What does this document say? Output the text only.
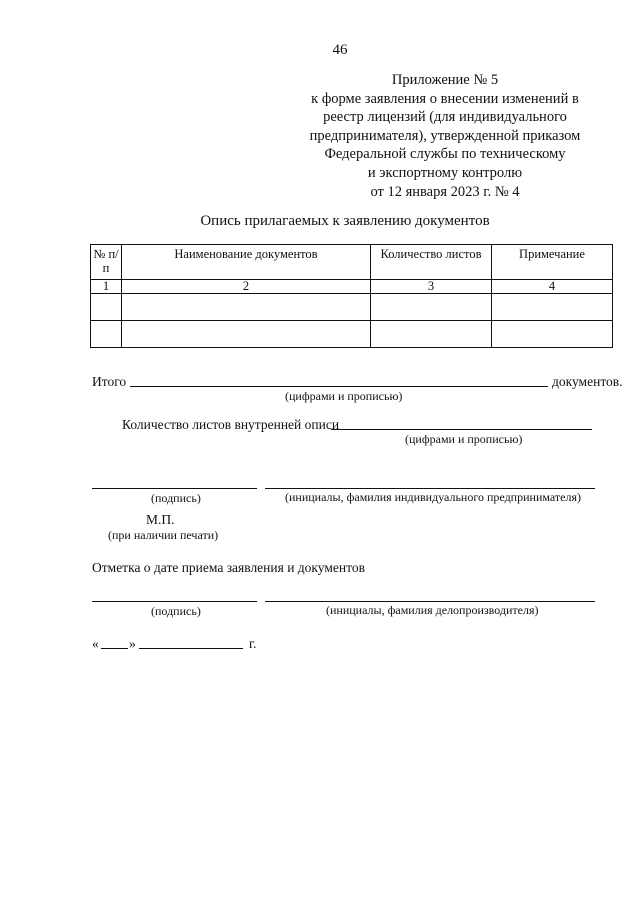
46
Приложение № 5
к форме заявления о внесении изменений в
реестр лицензий (для индивидуального
предпринимателя), утвержденной приказом
Федеральной службы по техническому
и экспортному контролю
от 12 января 2023 г. № 4
Опись прилагаемых к заявлению документов
№ п/п	Наименование документов	Количество листов	Примечание
1	2	3	4

Итого	документов.
(цифрами и прописью)
Количество листов внутренней описи
(цифрами и прописью)
(подпись)	(инициалы, фамилия индивидуального предпринимателя)
М.П.
(при наличии печати)
Отметка о дате приема заявления и документов
(подпись)	(инициалы, фамилия делопроизводителя)
« »	г.
